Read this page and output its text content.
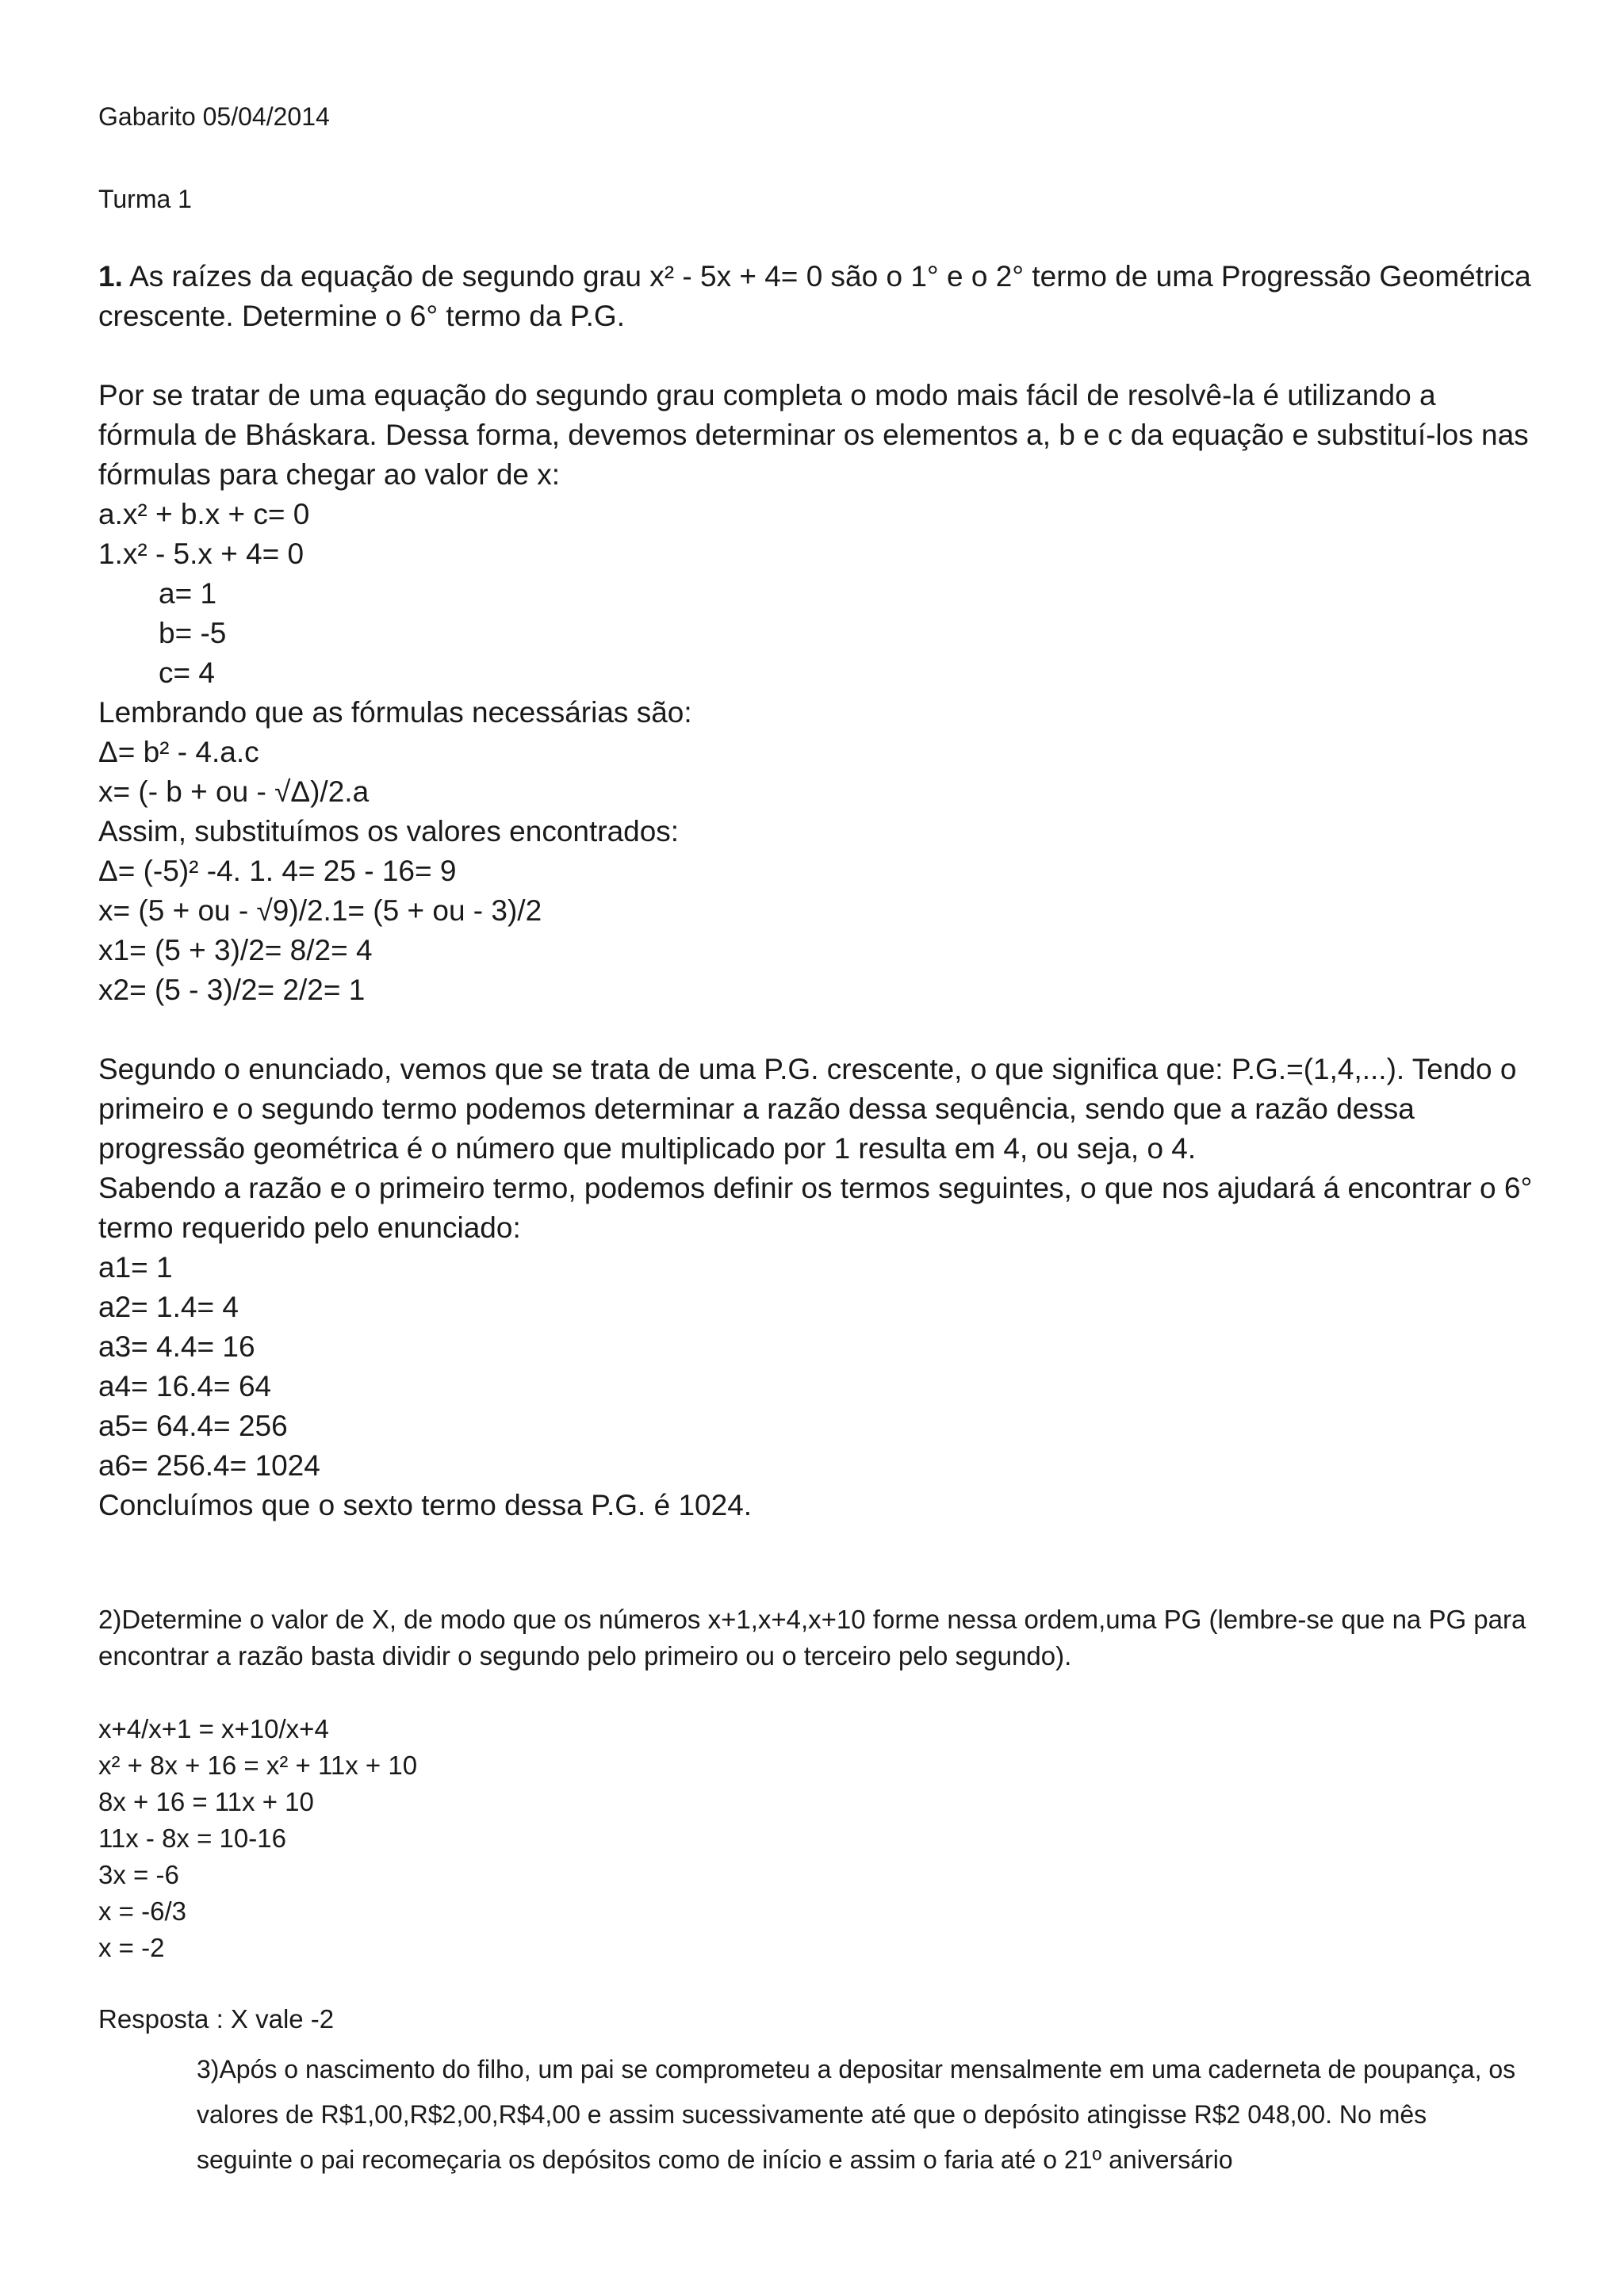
Gabarito 05/04/2014

Turma 1

1. As raízes da equação de segundo grau x² - 5x + 4= 0 são o 1° e o 2° termo de uma Progressão Geométrica crescente. Determine o 6° termo da P.G.

Por se tratar de uma equação do segundo grau completa o modo mais fácil de resolvê-la é utilizando a fórmula de Bháskara. Dessa forma, devemos determinar os elementos a, b e c da equação e substituí-los nas fórmulas para chegar ao valor de x:

a.x² + b.x + c= 0

1.x² - 5.x + 4= 0

a= 1

b= -5

c= 4

Lembrando que as fórmulas necessárias são:

Δ= b² - 4.a.c

x= (- b + ou - √Δ)/2.a

Assim, substituímos os valores encontrados:

Δ= (-5)² -4. 1. 4= 25 - 16= 9

x= (5 + ou - √9)/2.1= (5 + ou - 3)/2

x1= (5 + 3)/2= 8/2= 4

x2= (5 - 3)/2= 2/2= 1

Segundo o enunciado, vemos que se trata de uma P.G. crescente, o que significa que: P.G.=(1,4,...). Tendo o primeiro e o segundo termo podemos determinar a razão dessa sequência, sendo que a razão dessa progressão geométrica é o número que multiplicado por 1 resulta em 4, ou seja, o 4.

Sabendo a razão e o primeiro termo, podemos definir os termos seguintes, o que nos ajudará á encontrar o 6° termo requerido pelo enunciado:

a1= 1

a2= 1.4= 4

a3= 4.4= 16

a4= 16.4= 64

a5= 64.4= 256

a6= 256.4= 1024

Concluímos que o sexto termo dessa P.G. é 1024.

2)Determine o valor de X, de modo que os números x+1,x+4,x+10 forme nessa ordem,uma PG (lembre-se que na PG para encontrar a razão basta dividir o segundo pelo primeiro ou o terceiro pelo segundo).

x+4/x+1 = x+10/x+4

x² + 8x + 16 = x² + 11x + 10

8x + 16 = 11x + 10

11x - 8x = 10-16

3x = -6

x = -6/3

x = -2

Resposta : X vale -2

3)Após o nascimento do filho, um pai se comprometeu a depositar mensalmente em uma caderneta de poupança, os valores de R$1,00,R$2,00,R$4,00 e assim sucessivamente até que o depósito atingisse R$2 048,00. No mês seguinte o pai recomeçaria os depósitos como de início e assim o faria até o 21º aniversário
